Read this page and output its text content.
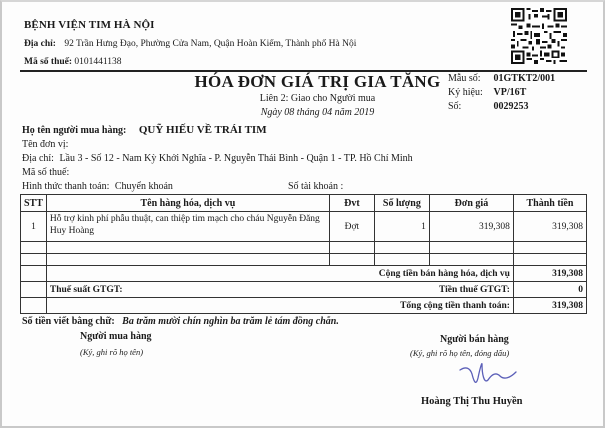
BỆNH VIỆN TIM HÀ NỘI
Địa chỉ: 92 Trần Hưng Đạo, Phường Cửa Nam, Quận Hoàn Kiếm, Thành phố Hà Nội
Mã số thuế: 0101441138
HÓA ĐƠN GIÁ TRỊ GIA TĂNG
Liên 2: Giao cho Người mua
Ngày 08 tháng 04 năm 2019
Mẫu số: 01GTKT2/001
Ký hiệu: VP/16T
Số:	0029253
Họ tên người mua hàng: QUỸ HIẾU VỀ TRÁI TIM
Tên đơn vị:
Địa chỉ: Lầu 3 - Số 12 - Nam Kỳ Khởi Nghĩa - P. Nguyễn Thái Bình - Quận 1 - TP. Hồ Chí Minh
Mã số thuế:
Hình thức thanh toán: Chuyển khoản	Số tài khoản :
STT	Tên hàng hóa, dịch vụ	Đvt	Số lượng	Đơn giá	Thành tiền
1	Hỗ trợ kinh phí phẫu thuật, can thiệp tim mạch cho cháu Nguyễn Đăng Huy Hoàng	Đợt	1	319,308	319,308

	Cộng tiền bán hàng hóa, dịch vụ				319,308

	Thuế suất GTGT: Tiền thuế GTGT:				0
	Tổng cộng tiền thanh toán:				319,308
Số tiền viết bằng chữ: Ba trăm mười chín nghìn ba trăm lẻ tám đồng chẵn.
Người mua hàng
(Ký, ghi rõ họ tên)
Người bán hàng
(Ký, ghi rõ họ tên, đóng dấu)
Hoàng Thị Thu Huyền
